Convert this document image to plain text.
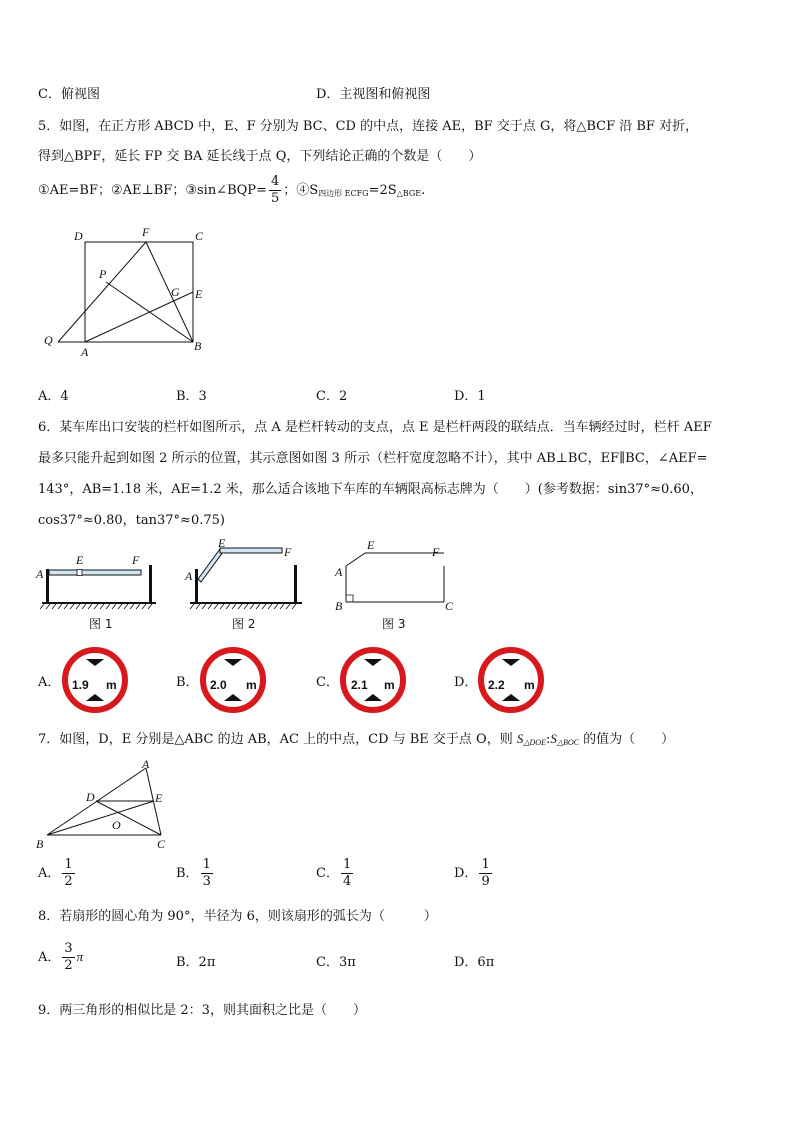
C．俯视图	D．主视图和俯视图
5．如图，在正方形 ABCD 中，E、F 分别为 BC、CD 的中点，连接 AE，BF 交于点 G，将△BCF 沿 BF 对折，
得到△BPF，延长 FP 交 BA 延长线于点 Q，下列结论正确的个数是（　　）
①AE=BF；②AE⊥BF；③sin∠BQP= $\frac{4}{5}$ ；$④S_{四边形 ECFG}=2S_{\triangle BGE}$.
D	F	C
P
G E
Q
A	B
A．4	B．3	C．2	D．1
6．某车库出口安装的栏杆如图所示，点 A 是栏杆转动的支点，点 E 是栏杆两段的联结点．当车辆经过时，栏杆 AEF
最多只能升起到如图 2 所示的位置，其示意图如图 3 所示（栏杆宽度忽略不计），其中 AB⊥BC，EF∥BC，∠AEF=
143°，AB=1.18 米，AE=1.2 米，那么适合该地下车库的车辆限高标志牌为（　　）(参考数据：sin37°≈0.60，
cos37°≈0.80，tan37°≈0.75)
A
E	F
图 1
A
E
F
图 2
A
E	F
B	C
图 3
A．	B．	C．	D．
1.9 m	2.0 m	2.1 m	2.2 m
7．如图，D，E 分别是△ABC 的边 AB，AC 上的中点，CD 与 BE 交于点 O，则 $S_{\triangle DOE}:S_{\triangle BOC}$ 的值为（　　）
A
D	E
O
B	C
A． $\frac{1}{2}$	B． $\frac{1}{3}$	C． $\frac{1}{4}$	D． $\frac{1}{9}$
8．若扇形的圆心角为 90°，半径为 6，则该扇形的弧长为（　　　）
A． $\frac{3}{2}$ π	B．2π	C．3π	D．6π
9．两三角形的相似比是 2：3，则其面积之比是（　　）
